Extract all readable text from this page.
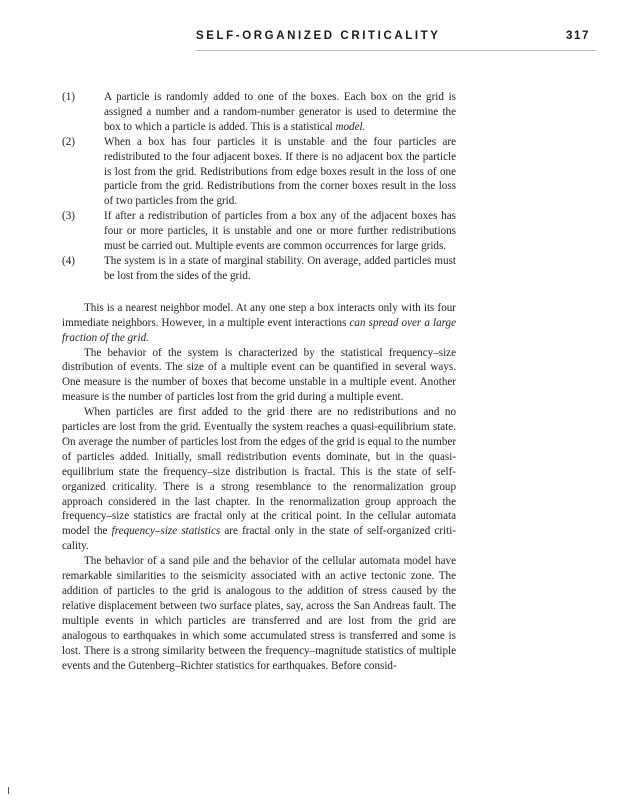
SELF-ORGANIZED CRITICALITY	317
(1)	A particle is randomly added to one of the boxes. Each box on the grid is assigned a number and a random-number generator is used to determine the box to which a particle is added. This is a statistical model.
(2)	When a box has four particles it is unstable and the four particles are redistributed to the four adjacent boxes. If there is no adjacent box the particle is lost from the grid. Redistributions from edge boxes result in the loss of one particle from the grid. Redistributions from the corner boxes result in the loss of two particles from the grid.
(3)	If after a redistribution of particles from a box any of the adjacent boxes has four or more particles, it is unstable and one or more further redistributions must be carried out. Multiple events are common occurrences for large grids.
(4)	The system is in a state of marginal stability. On average, added particles must be lost from the sides of the grid.

This is a nearest neighbor model. At any one step a box interacts only with its four immediate neighbors. However, in a multiple event interactions can spread over a large fraction of the grid.

The behavior of the system is characterized by the statistical frequency–size distribution of events. The size of a multiple event can be quantified in several ways. One measure is the number of boxes that become unstable in a multiple event. Another measure is the number of particles lost from the grid during a multiple event.

When particles are first added to the grid there are no redistributions and no particles are lost from the grid. Eventually the system reaches a quasi-equilibrium state. On average the number of particles lost from the edges of the grid is equal to the number of particles added. Initially, small redistribution events dominate, but in the quasi-equilibrium state the frequency–size distribution is fractal. This is the state of self-organized criticality. There is a strong resemblance to the renormalization group approach considered in the last chapter. In the renormalization group approach the frequency–size statistics are fractal only at the critical point. In the cellular automata model the frequency–size statistics are fractal only in the state of self-organized criticality.

The behavior of a sand pile and the behavior of the cellular automata model have remarkable similarities to the seismicity associated with an active tectonic zone. The addition of particles to the grid is analogous to the addition of stress caused by the relative displacement between two surface plates, say, across the San Andreas fault. The multiple events in which particles are transferred and are lost from the grid are analogous to earthquakes in which some accumulated stress is transferred and some is lost. There is a strong similarity between the frequency–magnitude statistics of multiple events and the Gutenberg–Richter statistics for earthquakes. Before consid-
